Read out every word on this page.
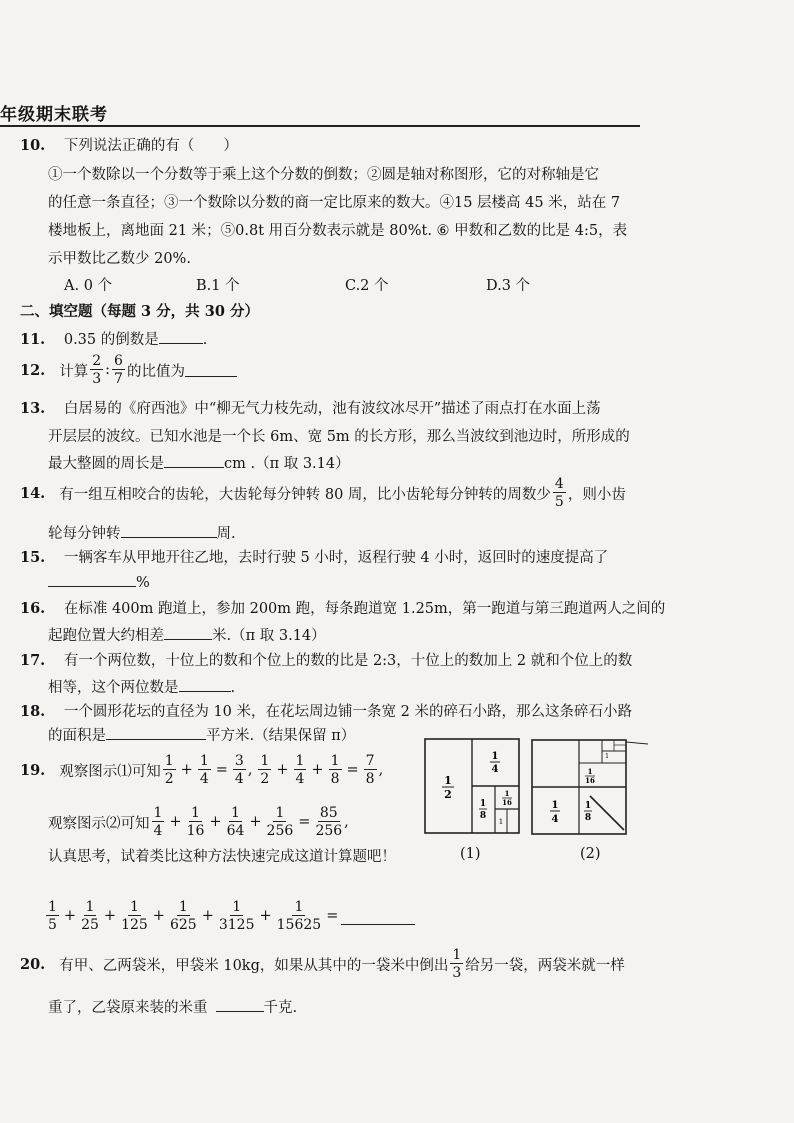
年级期末联考
10. 下列说法正确的有（　　）
①一个数除以一个分数等于乘上这个分数的倒数；②圆是轴对称图形，它的对称轴是它
的任意一条直径；③一个数除以分数的商一定比原来的数大。④15 层楼高 45 米，站在 7
楼地板上，离地面 21 米；⑤0.8t 用百分数表示就是 80%t. ⑥ 甲数和乙数的比是 4:5，表
示甲数比乙数少 20%.
A. 0 个	B.1 个	C.2 个	D.3 个
二、填空题（每题 3 分，共 30 分）
11. 0.35 的倒数是	.
12. 计算
2
3
:
6
7 的比值为
13. 白居易的《府西池》中“柳无气力枝先动，池有波纹冰尽开”描述了雨点打在水面上荡
开层层的波纹。已知水池是一个长 6m、宽 5m 的长方形，那么当波纹到池边时，所形成的
最大整圆的周长是	cm .（π 取 3.14）
14. 有一组互相咬合的齿轮，大齿轮每分钟转 80 周，比小齿轮每分钟转的周数少
4
5 ，则小齿
轮每分钟转	周.
15. 一辆客车从甲地开往乙地，去时行驶 5 小时，返程行驶 4 小时，返回时的速度提高了
%
16. 在标准 400m 跑道上，参加 200m 跑，每条跑道宽 1.25m，第一跑道与第三跑道两人之间的
起跑位置大约相差	米.（π 取 3.14）
17. 有一个两位数，十位上的数和个位上的数的比是 2:3，十位上的数加上 2 就和个位上的数
相等，这个两位数是	.
18. 一个圆形花坛的直径为 10 米，在花坛周边铺一条宽 2 米的碎石小路，那么这条碎石小路
的面积是	平方米.（结果保留 π）
19. 观察图示⑴可知
1
2
+ $\frac{1}{4} = \frac{3}{4}$ ,
1
2
+ $\frac{1}{4} + \frac{1}{8} = \frac{7}{8}$ ,
观察图示⑵可知
1
4
+ $\frac{1}{16} + \frac{1}{64} + \frac{1}{256} = \frac{85}{256}$ ,
认真思考，试着类比这种方法快速完成这道计算题吧！
1
2
1
4
1
8
1
16
1
(1)
1
4
1
8
1
16
1
(2)
1
5
+ $\frac{1}{25} + \frac{1}{125} + \frac{1}{625} + \frac{1}{3125} + \frac{1}{15625}$ =
20. 有甲、乙两袋米，甲袋米 10kg，如果从其中的一袋米中倒出
1
3 给另一袋，两袋米就一样
重了，乙袋原来装的米重	千克.
